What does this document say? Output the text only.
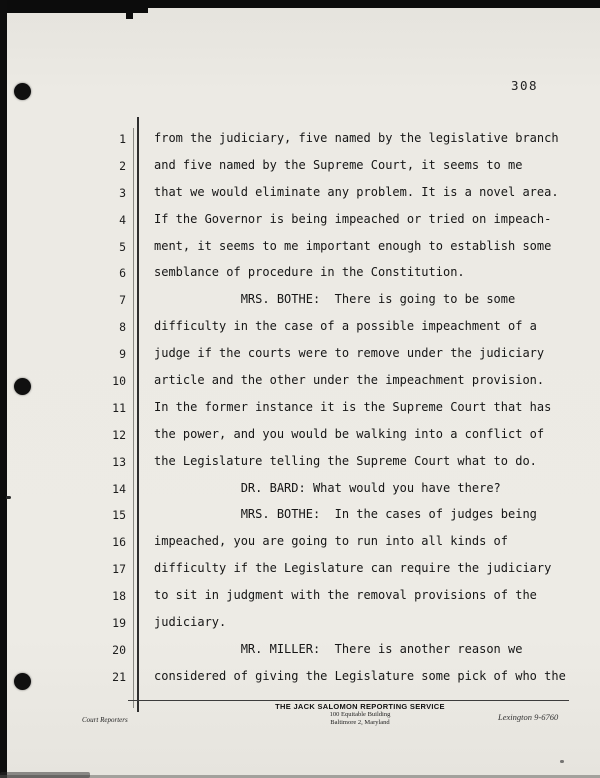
308
1 from the judiciary, five named by the legislative branch
2 and five named by the Supreme Court, it seems to me
3 that we would eliminate any problem. It is a novel area.
4 If the Governor is being impeached or tried on impeach-
5 ment, it seems to me important enough to establish some
6 semblance of procedure in the Constitution.
7 MRS. BOTHE:  There is going to be some
8 difficulty in the case of a possible impeachment of a
9 judge if the courts were to remove under the judiciary
10 article and the other under the impeachment provision.
11 In the former instance it is the Supreme Court that has
12 the power, and you would be walking into a conflict of
13 the Legislature telling the Supreme Court what to do.
14 DR. BARD: What would you have there?
15 MRS. BOTHE:  In the cases of judges being
16 impeached, you are going to run into all kinds of
17 difficulty if the Legislature can require the judiciary
18 to sit in judgment with the removal provisions of the
19 judiciary.
20 MR. MILLER:  There is another reason we
21 considered of giving the Legislature some pick of who the
Court Reporters
THE JACK SALOMON REPORTING SERVICE
100 Equitable Building
Baltimore 2, Maryland
Lexington 9-6760
